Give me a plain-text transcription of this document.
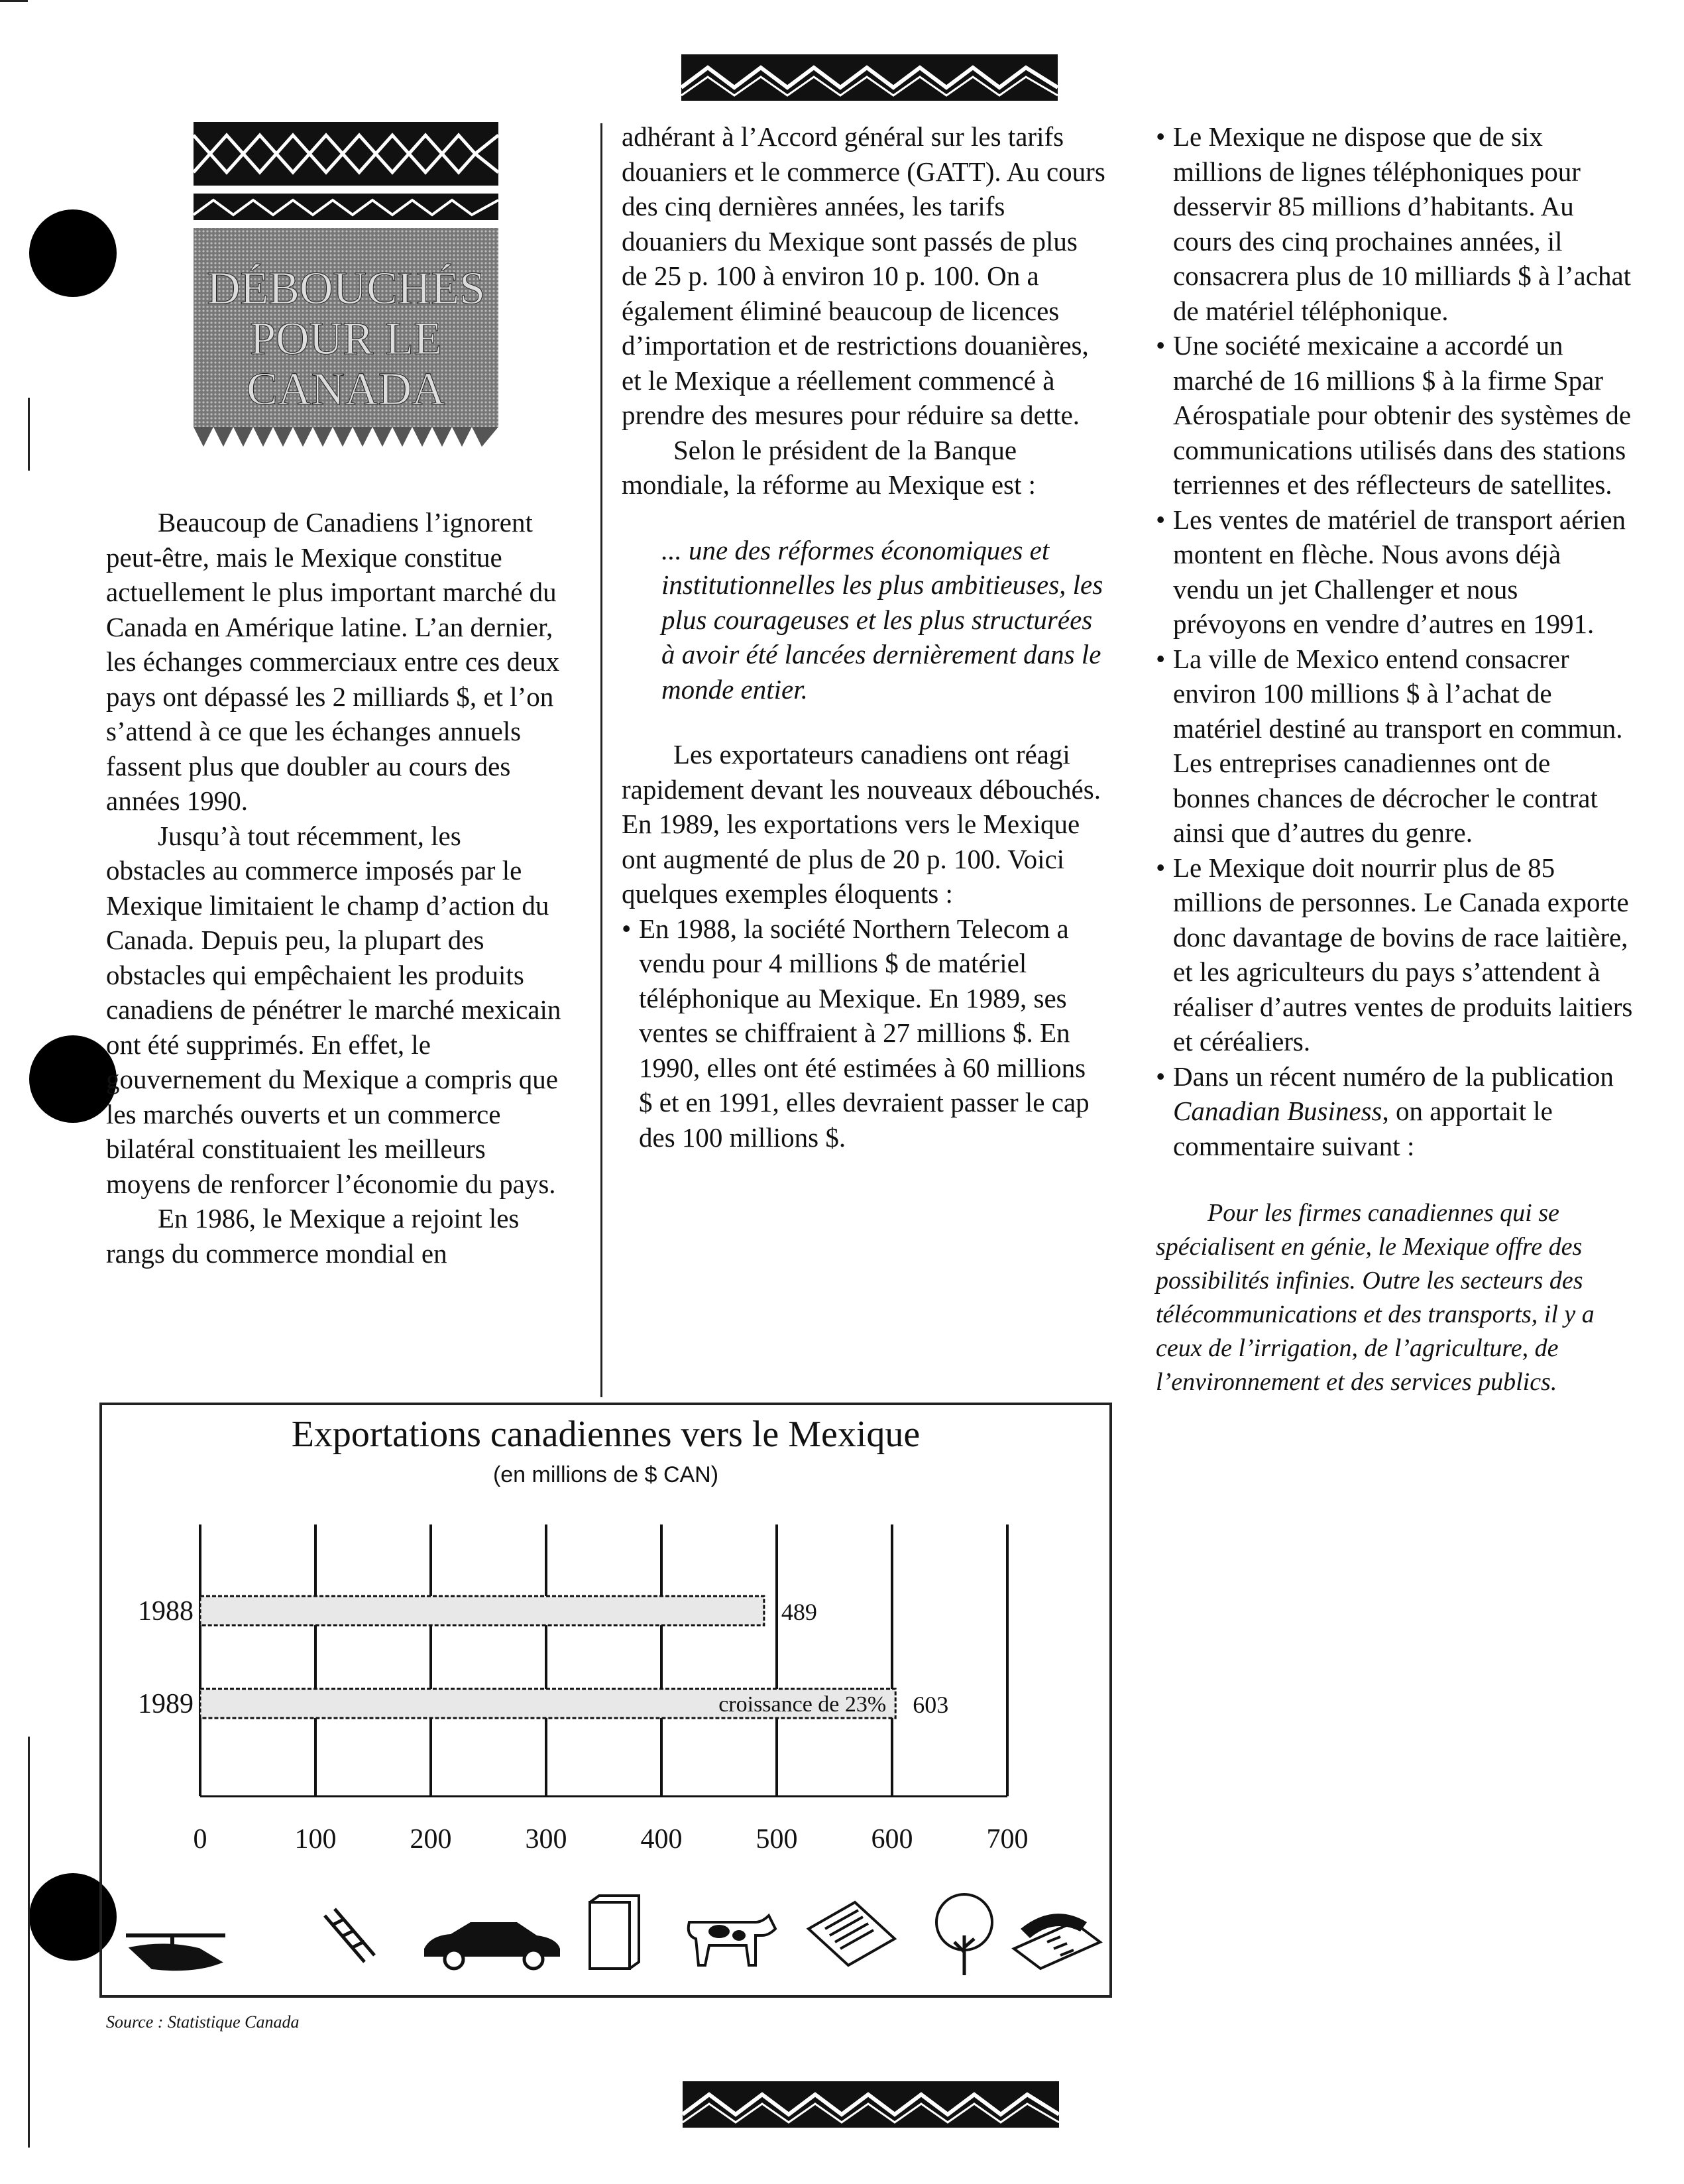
DÉBOUCHÉS POUR LE CANADA

Beaucoup de Canadiens l’ignorent peut-être, mais le Mexique constitue actuellement le plus important marché du Canada en Amérique latine. L’an dernier, les échanges commerciaux entre ces deux pays ont dépassé les 2 milliards $, et l’on s’attend à ce que les échanges annuels fassent plus que doubler au cours des années 1990.

Jusqu’à tout récemment, les obstacles au commerce imposés par le Mexique limitaient le champ d’action du Canada. Depuis peu, la plupart des obstacles qui empêchaient les produits canadiens de pénétrer le marché mexicain ont été supprimés. En effet, le gouvernement du Mexique a compris que les marchés ouverts et un commerce bilatéral constituaient les meilleurs moyens de renforcer l’économie du pays.

En 1986, le Mexique a rejoint les rangs du commerce mondial en

adhérant à l’Accord général sur les tarifs douaniers et le commerce (GATT). Au cours des cinq dernières années, les tarifs douaniers du Mexique sont passés de plus de 25 p. 100 à environ 10 p. 100. On a également éliminé beaucoup de licences d’importation et de restrictions douanières, et le Mexique a réellement commencé à prendre des mesures pour réduire sa dette.

Selon le président de la Banque mondiale, la réforme au Mexique est :

... une des réformes économiques et institutionnelles les plus ambitieuses, les plus courageuses et les plus structurées à avoir été lancées dernièrement dans le monde entier.

Les exportateurs canadiens ont réagi rapidement devant les nouveaux débouchés. En 1989, les exportations vers le Mexique ont augmenté de plus de 20 p. 100. Voici quelques exemples éloquents :

• En 1988, la société Northern Telecom a vendu pour 4 millions $ de matériel téléphonique au Mexique. En 1989, ses ventes se chiffraient à 27 millions $. En 1990, elles ont été estimées à 60 millions $ et en 1991, elles devraient passer le cap des 100 millions $.
• Le Mexique ne dispose que de six millions de lignes téléphoniques pour desservir 85 millions d’habitants. Au cours des cinq prochaines années, il consacrera plus de 10 milliards $ à l’achat de matériel téléphonique.
• Une société mexicaine a accordé un marché de 16 millions $ à la firme Spar Aérospatiale pour obtenir des systèmes de communications utilisés dans des stations terriennes et des réflecteurs de satellites.
• Les ventes de matériel de transport aérien montent en flèche. Nous avons déjà vendu un jet Challenger et nous prévoyons en vendre d’autres en 1991.
• La ville de Mexico entend consacrer environ 100 millions $ à l’achat de matériel destiné au transport en commun. Les entreprises canadiennes ont de bonnes chances de décrocher le contrat ainsi que d’autres du genre.
• Le Mexique doit nourrir plus de 85 millions de personnes. Le Canada exporte donc davantage de bovins de race laitière, et les agriculteurs du pays s’attendent à réaliser d’autres ventes de produits laitiers et céréaliers.
• Dans un récent numéro de la publication Canadian Business, on apportait le commentaire suivant :

Pour les firmes canadiennes qui se spécialisent en génie, le Mexique offre des possibilités infinies. Outre les secteurs des télécommunications et des transports, il y a ceux de l’irrigation, de l’agriculture, de l’environnement et des services publics.

Exportations canadiennes vers le Mexique
(en millions de $ CAN)
0	100	200	300	400	500	600	700
1988	489
1989	603
croissance de 23%
Source : Statistique Canada
